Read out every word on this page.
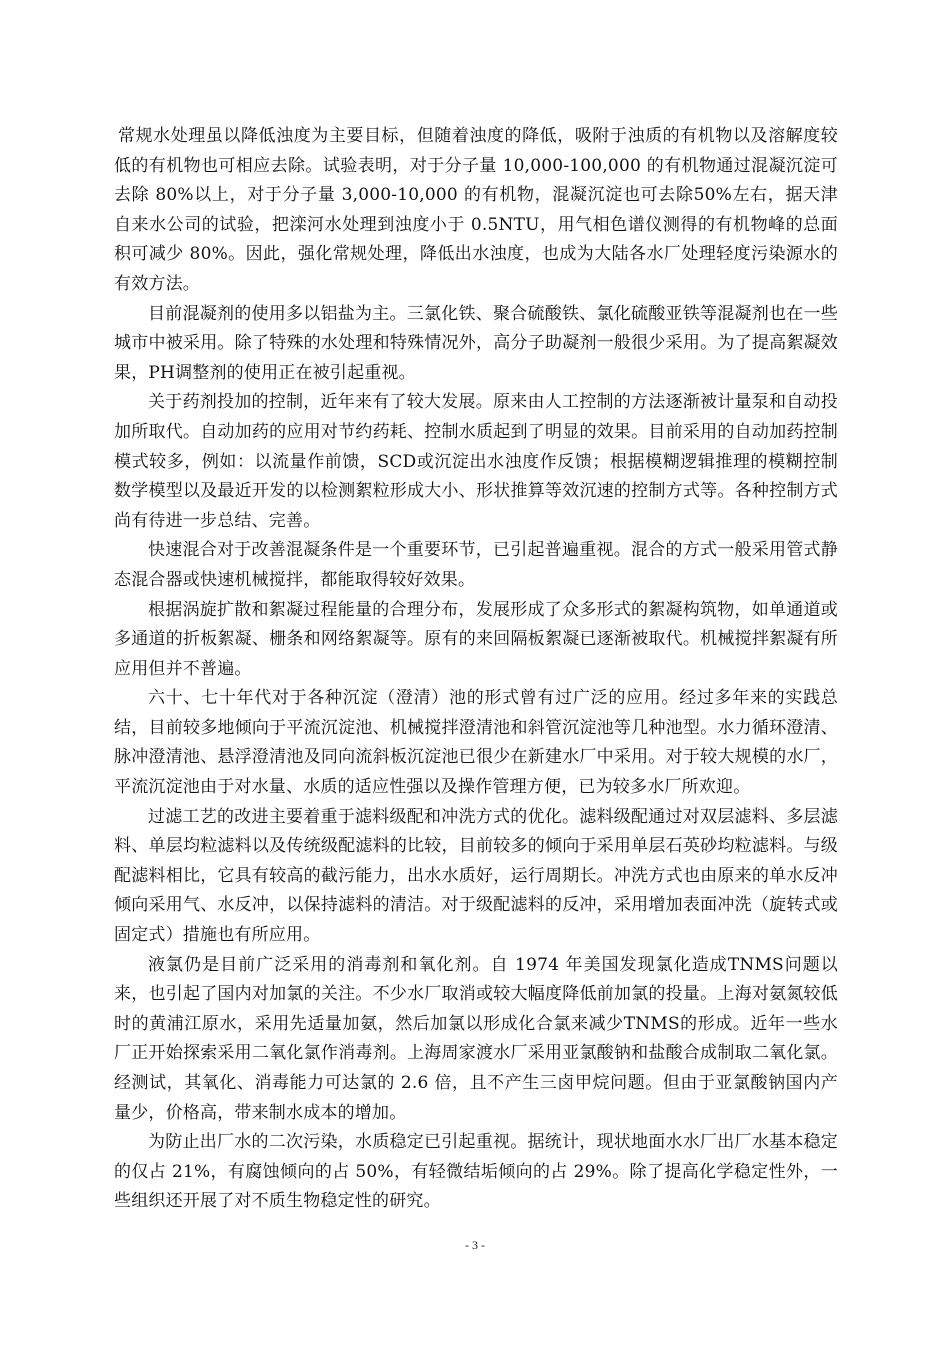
常规水处理虽以降低浊度为主要目标，但随着浊度的降低，吸附于浊质的有机物以及溶解度较低的有机物也可相应去除。试验表明，对于分子量 10,000-100,000 的有机物通过混凝沉淀可去除 80%以上，对于分子量 3,000-10,000 的有机物，混凝沉淀也可去除50%左右，据天津自来水公司的试验，把滦河水处理到浊度小于 0.5NTU，用气相色谱仪测得的有机物峰的总面积可减少 80%。因此，强化常规处理，降低出水浊度，也成为大陆各水厂处理轻度污染源水的有效方法。

目前混凝剂的使用多以铝盐为主。三氯化铁、聚合硫酸铁、氯化硫酸亚铁等混凝剂也在一些城市中被采用。除了特殊的水处理和特殊情况外，高分子助凝剂一般很少采用。为了提高絮凝效果，PH调整剂的使用正在被引起重视。

关于药剂投加的控制，近年来有了较大发展。原来由人工控制的方法逐渐被计量泵和自动投加所取代。自动加药的应用对节约药耗、控制水质起到了明显的效果。目前采用的自动加药控制模式较多，例如：以流量作前馈，SCD或沉淀出水浊度作反馈；根据模糊逻辑推理的模糊控制数学模型以及最近开发的以检测絮粒形成大小、形状推算等效沉速的控制方式等。各种控制方式尚有待进一步总结、完善。

快速混合对于改善混凝条件是一个重要环节，已引起普遍重视。混合的方式一般采用管式静态混合器或快速机械搅拌，都能取得较好效果。

根据涡旋扩散和絮凝过程能量的合理分布，发展形成了众多形式的絮凝构筑物，如单通道或多通道的折板絮凝、栅条和网络絮凝等。原有的来回隔板絮凝已逐渐被取代。机械搅拌絮凝有所应用但并不普遍。

六十、七十年代对于各种沉淀（澄清）池的形式曾有过广泛的应用。经过多年来的实践总结，目前较多地倾向于平流沉淀池、机械搅拌澄清池和斜管沉淀池等几种池型。水力循环澄清、脉冲澄清池、悬浮澄清池及同向流斜板沉淀池已很少在新建水厂中采用。对于较大规模的水厂，平流沉淀池由于对水量、水质的适应性强以及操作管理方便，已为较多水厂所欢迎。

过滤工艺的改进主要着重于滤料级配和冲洗方式的优化。滤料级配通过对双层滤料、多层滤料、单层均粒滤料以及传统级配滤料的比较，目前较多的倾向于采用单层石英砂均粒滤料。与级配滤料相比，它具有较高的截污能力，出水水质好，运行周期长。冲洗方式也由原来的单水反冲倾向采用气、水反冲，以保持滤料的清洁。对于级配滤料的反冲，采用增加表面冲洗（旋转式或固定式）措施也有所应用。

液氯仍是目前广泛采用的消毒剂和氧化剂。自 1974 年美国发现氯化造成TNMS问题以来，也引起了国内对加氯的关注。不少水厂取消或较大幅度降低前加氯的投量。上海对氨氮较低时的黄浦江原水，采用先适量加氨，然后加氯以形成化合氯来减少TNMS的形成。近年一些水厂正开始探索采用二氧化氯作消毒剂。上海周家渡水厂采用亚氯酸钠和盐酸合成制取二氧化氯。经测试，其氧化、消毒能力可达氯的 2.6 倍，且不产生三卤甲烷问题。但由于亚氯酸钠国内产量少，价格高，带来制水成本的增加。

为防止出厂水的二次污染，水质稳定已引起重视。据统计，现状地面水水厂出厂水基本稳定的仅占 21%，有腐蚀倾向的占 50%，有轻微结垢倾向的占 29%。除了提高化学稳定性外，一些组织还开展了对不质生物稳定性的研究。

- 3 -
